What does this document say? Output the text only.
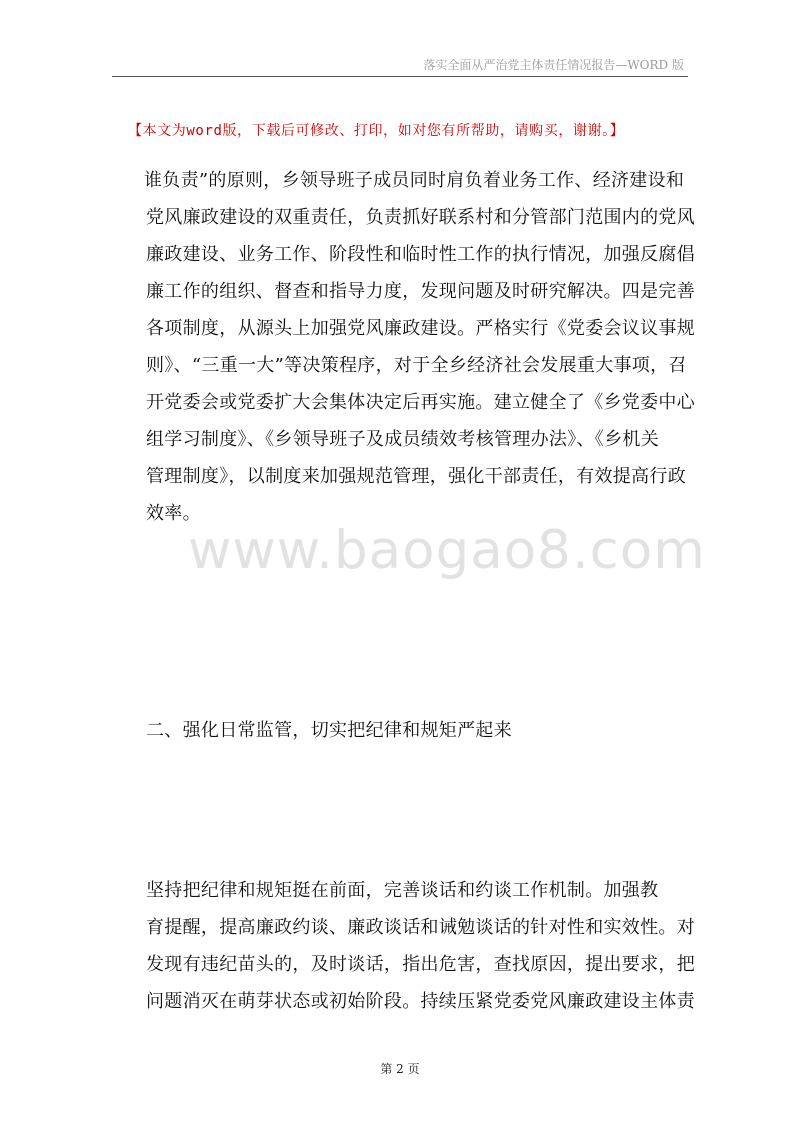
落实全面从严治党主体责任情况报告—WORD 版
【本文为word版，下载后可修改、打印，如对您有所帮助，请购买，谢谢。】
谁负责”的原则，乡领导班子成员同时肩负着业务工作、经济建设和
党风廉政建设的双重责任，负责抓好联系村和分管部门范围内的党风
廉政建设、业务工作、阶段性和临时性工作的执行情况，加强反腐倡
廉工作的组织、督查和指导力度，发现问题及时研究解决。四是完善
各项制度，从源头上加强党风廉政建设。严格实行《党委会议议事规
则》、“三重一大”等决策程序，对于全乡经济社会发展重大事项，召
开党委会或党委扩大会集体决定后再实施。建立健全了《乡党委中心
组学习制度》、《乡领导班子及成员绩效考核管理办法》、《乡机关
管理制度》，以制度来加强规范管理，强化干部责任，有效提高行政
效率。
www.baogao8.com
二、强化日常监管，切实把纪律和规矩严起来
坚持把纪律和规矩挺在前面，完善谈话和约谈工作机制。加强教
育提醒，提高廉政约谈、廉政谈话和诫勉谈话的针对性和实效性。对
发现有违纪苗头的，及时谈话，指出危害，查找原因，提出要求，把
问题消灭在萌芽状态或初始阶段。持续压紧党委党风廉政建设主体责
第 2 页
